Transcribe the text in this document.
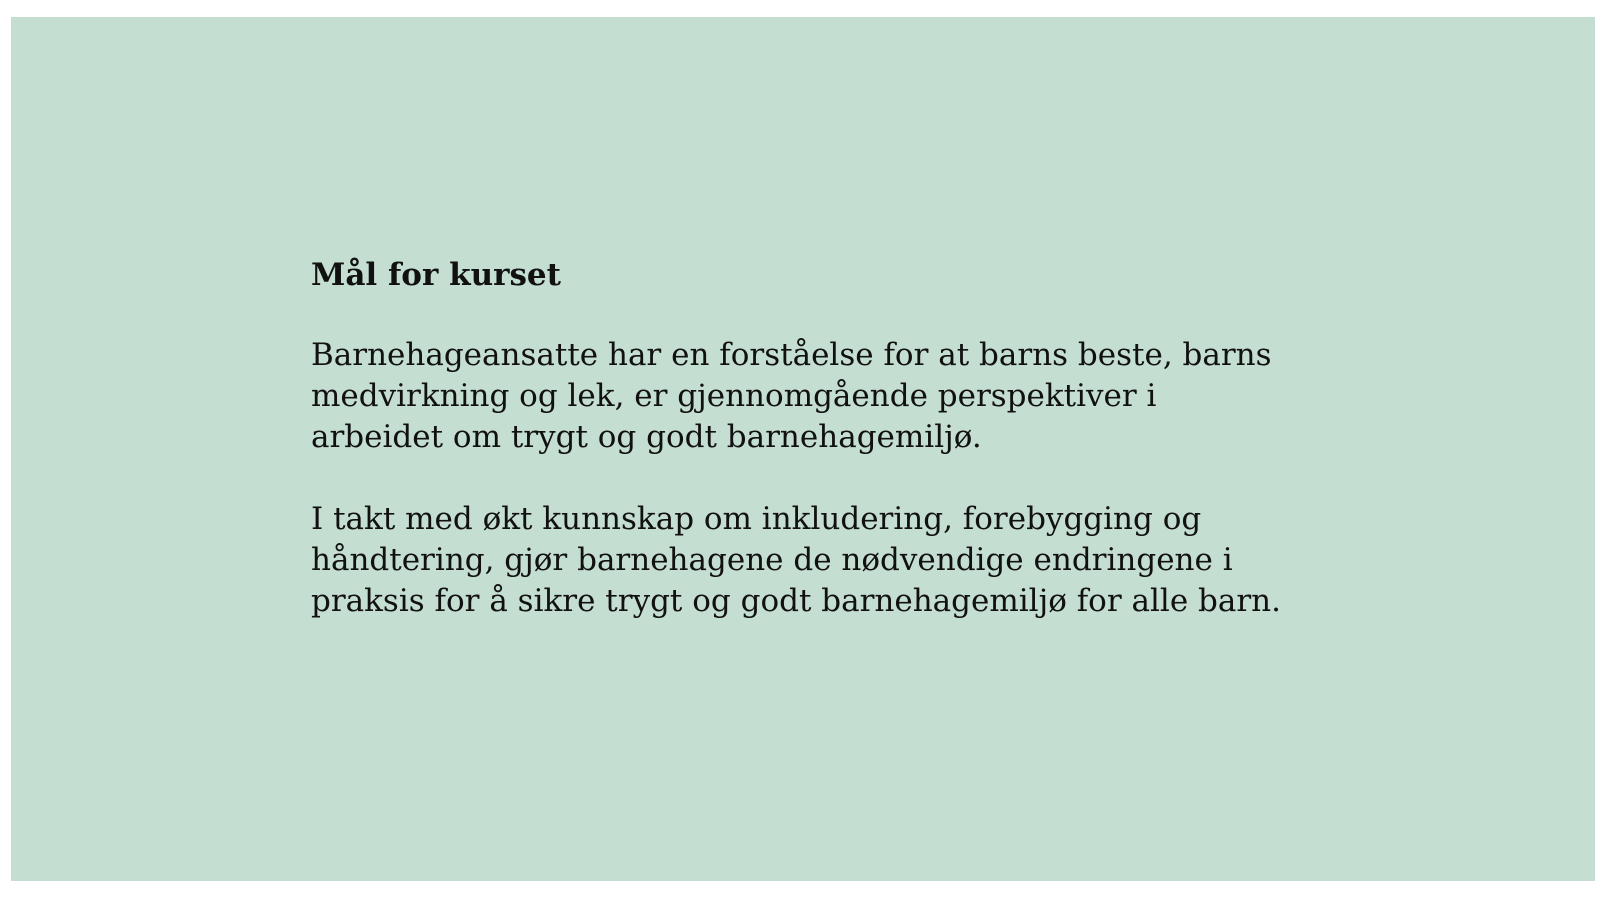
Mål for kurset
Barnehageansatte har en forståelse for at barns beste, barns medvirkning og lek, er gjennomgående perspektiver i arbeidet om trygt og godt barnehagemiljø.
I takt med økt kunnskap om inkludering, forebygging og håndtering, gjør barnehagene de nødvendige endringene i praksis for å sikre trygt og godt barnehagemiljø for alle barn.
